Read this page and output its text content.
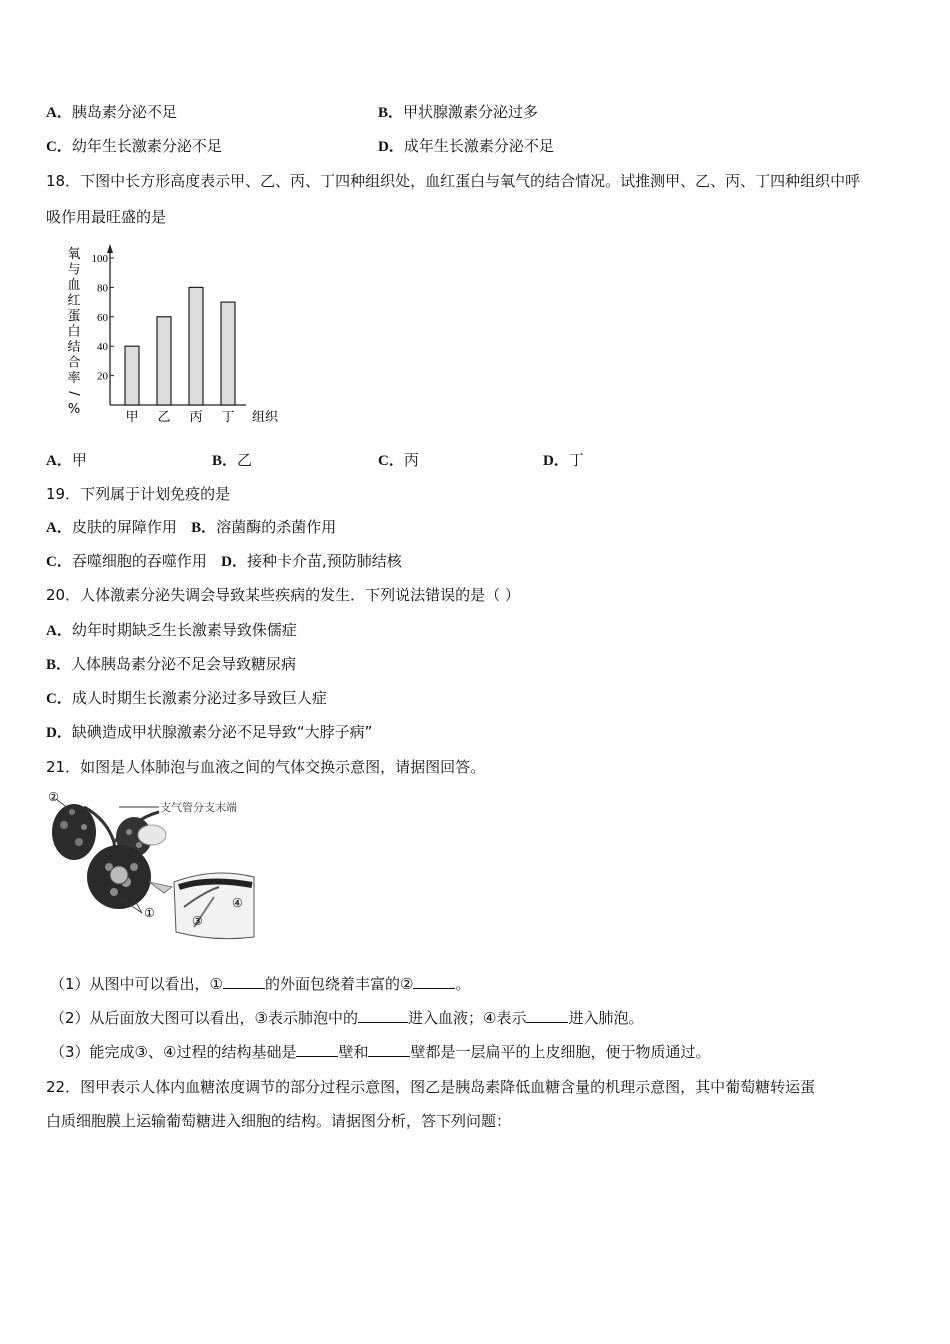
A．胰岛素分泌不足	B．甲状腺激素分泌过多
C．幼年生长激素分泌不足	D．成年生长激素分泌不足
18．下图中长方形高度表示甲、乙、丙、丁四种组织处，血红蛋白与氧气的结合情况。试推测甲、乙、丙、丁四种组织中呼
吸作用最旺盛的是
氧
与
血
红
蛋
白
结
合
率
/
%
20
40
60
80
100
甲 乙 丙 丁 组织
A．甲	B．乙	C．丙	D．丁
19．下列属于计划免疫的是
A．皮肤的屏障作用 B．溶菌酶的杀菌作用
C．吞噬细胞的吞噬作用 D．接种卡介苗,预防肺结核
20．人体激素分泌失调会导致某些疾病的发生．下列说法错误的是（ ）
A．幼年时期缺乏生长激素导致侏儒症
B．人体胰岛素分泌不足会导致糖尿病
C．成人时期生长激素分泌过多导致巨人症
D．缺碘造成甲状腺激素分泌不足导致“大脖子病”
21．如图是人体肺泡与血液之间的气体交换示意图，请据图回答。
支气管分支末端
②
①
④
③
（1）从图中可以看出，①	的外面包绕着丰富的②	。
（2）从后面放大图可以看出，③表示肺泡中的	进入血液；④表示	进入肺泡。
（3）能完成③、④过程的结构基础是	壁和	壁都是一层扁平的上皮细胞，便于物质通过。
22．图甲表示人体内血糖浓度调节的部分过程示意图，图乙是胰岛素降低血糖含量的机理示意图，其中葡萄糖转运蛋
白质细胞膜上运输葡萄糖进入细胞的结构。请据图分析，答下列问题：
